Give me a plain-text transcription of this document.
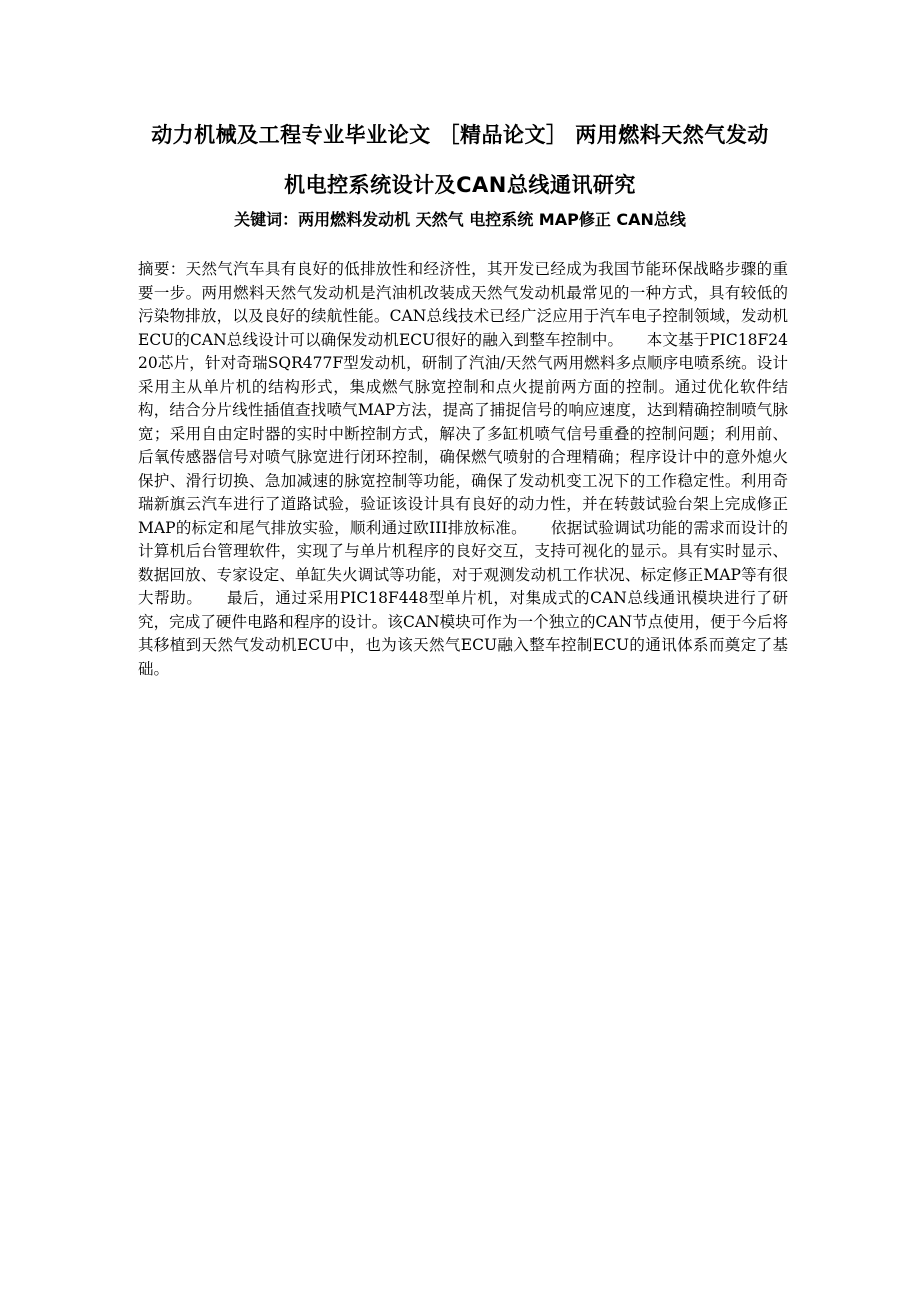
动力机械及工程专业毕业论文 ［精品论文］ 两用燃料天然气发动
机电控系统设计及CAN总线通讯研究

关键词：两用燃料发动机 天然气 电控系统 MAP修正 CAN总线

摘要：天然气汽车具有良好的低排放性和经济性，其开发已经成为我国节能环保战略步骤的重要一步。两用燃料天然气发动机是汽油机改装成天然气发动机最常见的一种方式，具有较低的污染物排放，以及良好的续航性能。CAN总线技术已经广泛应用于汽车电子控制领域，发动机ECU的CAN总线设计可以确保发动机ECU很好的融入到整车控制中。　　本文基于PIC18F2420芯片，针对奇瑞SQR477F型发动机，研制了汽油/天然气两用燃料多点顺序电喷系统。设计采用主从单片机的结构形式，集成燃气脉宽控制和点火提前两方面的控制。通过优化软件结构，结合分片线性插值查找喷气MAP方法，提高了捕捉信号的响应速度，达到精确控制喷气脉宽；采用自由定时器的实时中断控制方式，解决了多缸机喷气信号重叠的控制问题；利用前、后氧传感器信号对喷气脉宽进行闭环控制，确保燃气喷射的合理精确；程序设计中的意外熄火保护、滑行切换、急加减速的脉宽控制等功能，确保了发动机变工况下的工作稳定性。利用奇瑞新旗云汽车进行了道路试验，验证该设计具有良好的动力性，并在转鼓试验台架上完成修正MAP的标定和尾气排放实验，顺利通过欧III排放标准。　　依据试验调试功能的需求而设计的计算机后台管理软件，实现了与单片机程序的良好交互，支持可视化的显示。具有实时显示、数据回放、专家设定、单缸失火调试等功能，对于观测发动机工作状况、标定修正MAP等有很大帮助。　　最后，通过采用PIC18F448型单片机，对集成式的CAN总线通讯模块进行了研究，完成了硬件电路和程序的设计。该CAN模块可作为一个独立的CAN节点使用，便于今后将其移植到天然气发动机ECU中，也为该天然气ECU融入整车控制ECU的通讯体系而奠定了基础。
